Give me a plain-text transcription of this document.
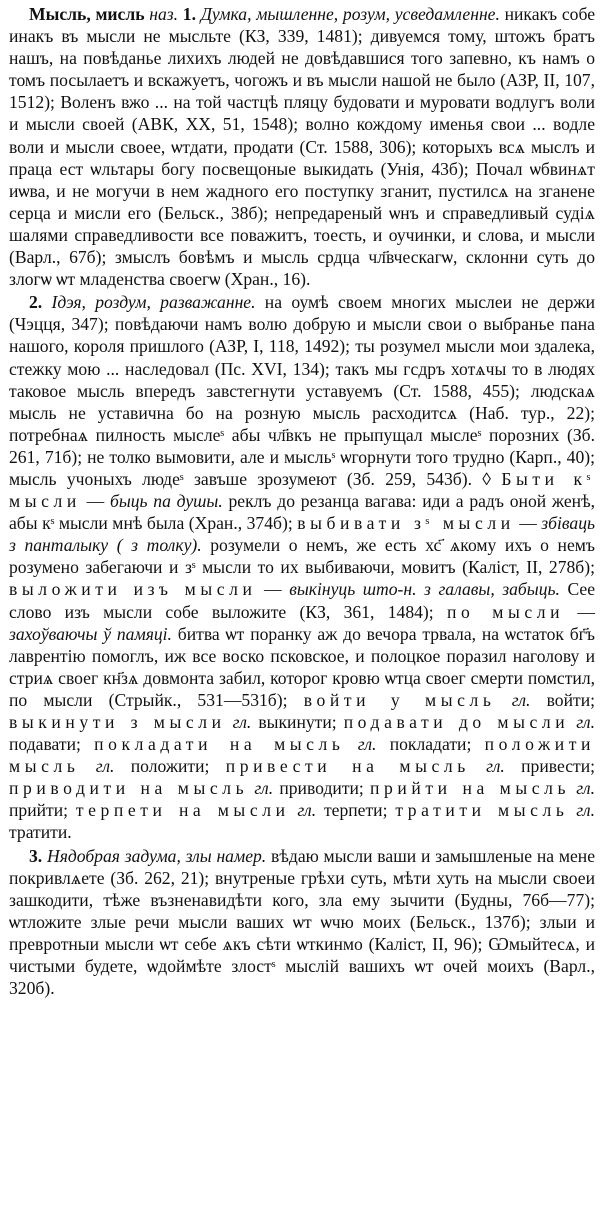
Мысль, мисль наз. 1. Думка, мышленне, розум, усведамленне. никакъ собе инакъ въ мысли не мысльте (КЗ, 339, 1481); дивуемся тому, штожъ братъ нашъ, на повѣданье лихихъ людей не довѣдавшися того запевно, къ намъ о томъ посылаетъ и вскажуетъ, чогожъ и въ мысли нашой не было (АЗР, II, 107, 1512); Воленъ вжо ... на той частцѣ пляцу будовати и муровати водлугъ воли и мысли своей (АВК, XX, 51, 1548); волно кождому именья свои ... водле воли и мысли своее, ѡтдати, продати (Ст. 1588, 306); которыхъ всѧ мыслъ и праца ест ѡльтары богу посвещоные выкидать (Унія, 43б); Почал ѡбвинѧт иѡва, и не могучи в нем жадного его поступку зганит, пустилсѧ на зганене серца и мисли его (Бельск., 38б); непредареный ѡнъ и справедливый судіѧ шалями справедливости все поважитъ, тоесть, и оучинки, и слова, и мысли (Варл., 67б); змыслъ бовѣмъ и мысль срдца чл҃вческагѡ, склонни суть до злогѡ ѡт младенства своегѡ (Хран., 16).

2. Ідэя, роздум, разважанне. на оумѣ своем многих мыслеи не держи (Чэцця, 347); повѣдаючи намъ волю добрую и мысли свои о выбранье пана нашого, короля пришлого (АЗР, I, 118, 1492); ты розумел мысли мои здалека, стежку мою ... наследовал (Пс. XVI, 134); такъ мы гсдръ хотѧчы то в людях таковое мысль впередъ завстегнути уставуемъ (Ст. 1588, 455); людскаѧ мысль не уставична бо на розную мысль расходитсѧ (Наб. тур., 22); потребнаѧ пилность мыслеˢ абы чл҃вкъ не прыпущал мыслеˢ порозних (Зб. 261, 71б); не толко вымовити, але и мысльˢ ѡгорнути того трудно (Карп., 40); мысль учоныхъ людеˢ завъше зрозумеют (Зб. 259, 543б). ◊ Быти кˢ мысли — быць па душы. реклъ до резанца вагава: иди а радъ оной женѣ, абы кˢ мысли мнѣ была (Хран., 374б); выбивати зˢ мысли — збіваць з панталыку ( з толку). розумели о немъ, же есть хс҃ ѧкому ихъ о немъ розумено забегаючи и зˢ мысли то их выбиваючи, мовитъ (Каліст, II, 278б); выложити изъ мысли — выкінуць што-н. з галавы, забыць. Сее слово изъ мысли собе выложите (КЗ, 361, 1484); по мысли — захоўваючы ў памяці. битва ѡт поранку аж до вечора трвала, на ѡстаток бг҃ъ лаврентію помоглъ, иж все воско псковское, и полоцкое поразил наголову и стриѧ своег кн҃зѧ довмонта забил, которог кровю ѡтца своег смерти помстил, по мысли (Стрыйк., 531—531б); войти у мысль гл. войти; выкинути з мысли гл. выкинути; подавати до мысли гл. подавати; покладати на мысль гл. покладати; положити мысль гл. положити; привести на мысль гл. привести; приводити на мысль гл. приводити; прийти на мысль гл. прийти; терпети на мысли гл. терпети; тратити мысль гл. тратити.

3. Нядобрая задума, злы намер. вѣдаю мысли ваши и замышленые на мене покривлѧете (Зб. 262, 21); внутреные грѣхи суть, мѣти хуть на мысли своеи зашкодити, тѣже възненавидѣти кого, зла ему зычити (Будны, 76б—77); ѡтложите злые речи мысли ваших ѡт ѡчю моих (Бельск., 137б); злыи и превротныи мысли ѡт себе ѧкъ сѣти ѡткинмо (Каліст, II, 96); Ѡмыйтесѧ, и чистыми будете, ѡдоймѣте злостˢ мыслій вашихъ ѡт очей моихъ (Варл., 320б).
